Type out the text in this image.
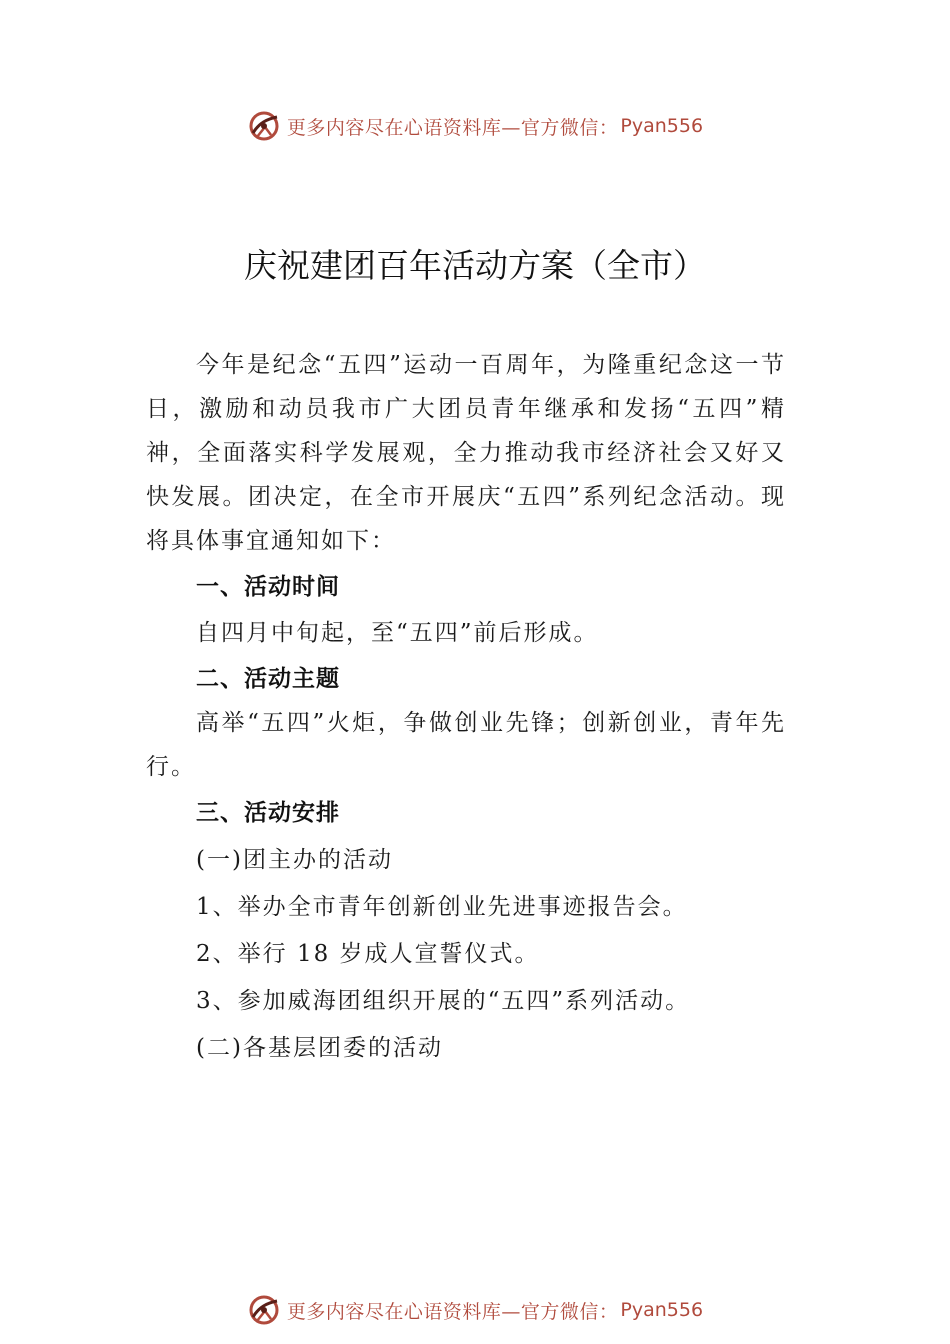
更多内容尽在心语资料库—官方微信： Pyan556
庆祝建团百年活动方案（全市）

今年是纪念“五四”运动一百周年，为隆重纪念这一节日，激励和动员我市广大团员青年继承和发扬“五四”精神，全面落实科学发展观，全力推动我市经济社会又好又快发展。团决定，在全市开展庆“五四”系列纪念活动。现将具体事宜通知如下：

一、活动时间
自四月中旬起，至“五四”前后形成。
二、活动主题

高举“五四”火炬，争做创业先锋；创新创业，青年先行。

三、活动安排
(一)团主办的活动
1、举办全市青年创新创业先进事迹报告会。
2、举行 18 岁成人宣誓仪式。
3、参加威海团组织开展的“五四”系列活动。
(二)各基层团委的活动
更多内容尽在心语资料库—官方微信： Pyan556
